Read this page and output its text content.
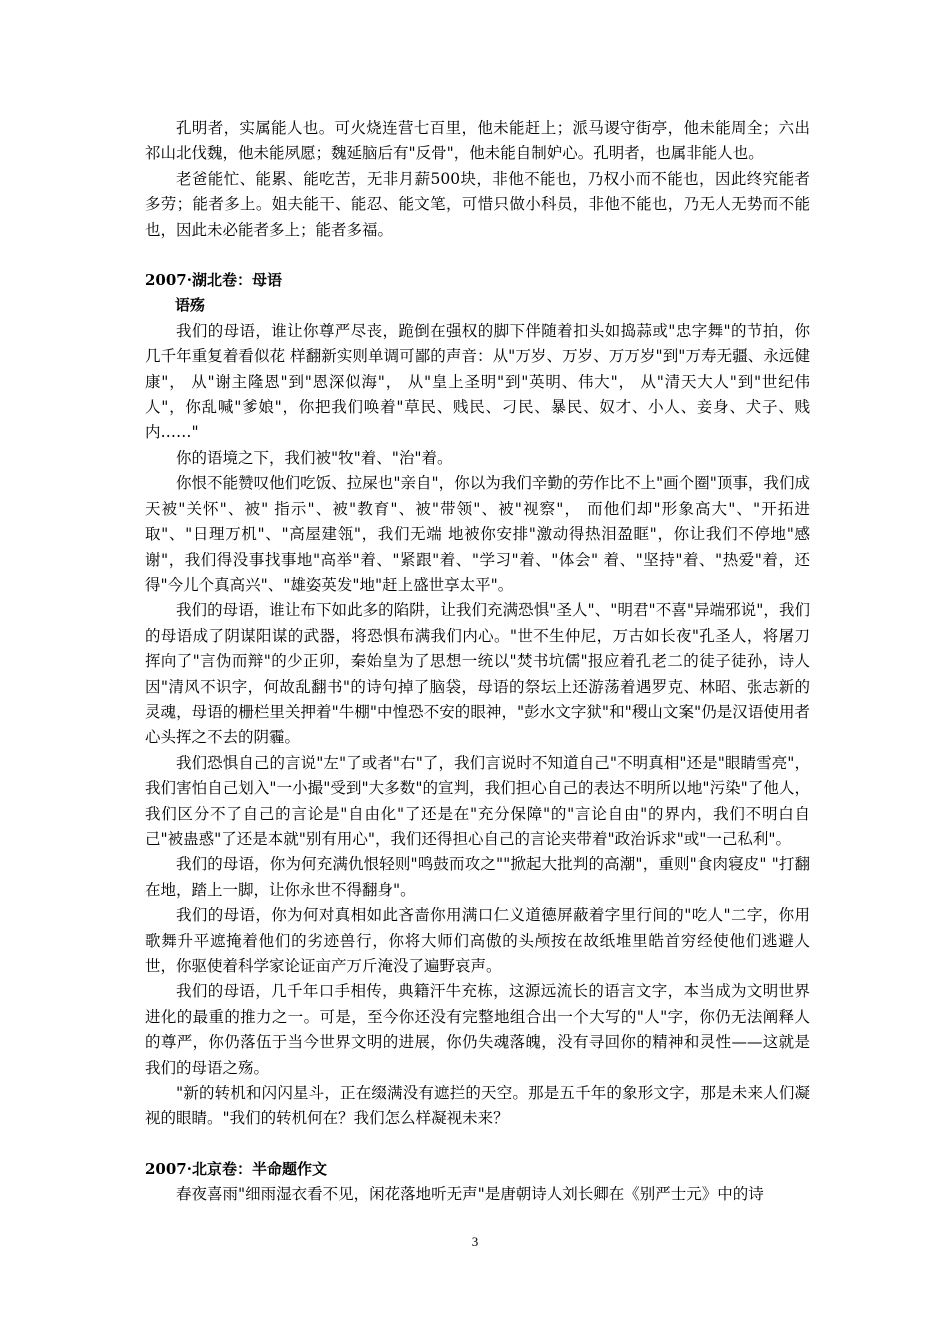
孔明者，实属能人也。可火烧连营七百里，他未能赶上；派马谡守街亭，他未能周全；六出祁山北伐魏，他未能夙愿；魏延脑后有"反骨"，他未能自制妒心。孔明者，也属非能人也。

老爸能忙、能累、能吃苦，无非月薪500块，非他不能也，乃权小而不能也，因此终究能者多劳；能者多上。姐夫能干、能忍、能文笔，可惜只做小科员，非他不能也，乃无人无势而不能也，因此未必能者多上；能者多福。

2007·湖北卷：母语

语殇

我们的母语，谁让你尊严尽丧，跪倒在强权的脚下伴随着扣头如捣蒜或"忠字舞"的节拍，你几千年重复着看似花 样翻新实则单调可鄙的声音：从"万岁、万岁、万万岁"到"万寿无疆、永远健康"， 从"谢主隆恩"到"恩深似海"， 从"皇上圣明"到"英明、伟大"， 从"清天大人"到"世纪伟人"，你乱喊"爹娘"，你把我们唤着"草民、贱民、刁民、暴民、奴才、小人、妾身、犬子、贱内……"

你的语境之下，我们被"牧"着、"治"着。

你恨不能赞叹他们吃饭、拉屎也"亲自"，你以为我们辛勤的劳作比不上"画个圈"顶事，我们成天被"关怀"、被" 指示"、被"教育"、被"带领"、被"视察"， 而他们却"形象高大"、"开拓进取"、"日理万机"、"高屋建瓴"，我们无端 地被你安排"激动得热泪盈眶"，你让我们不停地"感谢"，我们得没事找事地"高举"着、"紧跟"着、"学习"着、"体会" 着、"坚持"着、"热爱"着，还得"今儿个真高兴"、"雄姿英发"地"赶上盛世享太平"。

我们的母语，谁让布下如此多的陷阱，让我们充满恐惧"圣人"、"明君"不喜"异端邪说"，我们的母语成了阴谋阳谋的武器，将恐惧布满我们内心。"世不生仲尼，万古如长夜"孔圣人，将屠刀挥向了"言伪而辩"的少正卯，秦始皇为了思想一统以"焚书坑儒"报应着孔老二的徒子徒孙，诗人因"清风不识字，何故乱翻书"的诗句掉了脑袋，母语的祭坛上还游荡着遇罗克、林昭、张志新的灵魂，母语的栅栏里关押着"牛棚"中惶恐不安的眼神，"彭水文字狱"和"稷山文案"仍是汉语使用者心头挥之不去的阴霾。

我们恐惧自己的言说"左"了或者"右"了，我们言说时不知道自己"不明真相"还是"眼睛雪亮"，我们害怕自己划入"一小撮"受到"大多数"的宣判，我们担心自己的表达不明所以地"污染"了他人，我们区分不了自己的言论是"自由化"了还是在"充分保障"的"言论自由"的界内，我们不明白自己"被蛊惑"了还是本就"别有用心"，我们还得担心自己的言论夹带着"政治诉求"或"一己私利"。

我们的母语，你为何充满仇恨轻则"鸣鼓而攻之""掀起大批判的高潮"，重则"食肉寝皮" "打翻在地，踏上一脚，让你永世不得翻身"。

我们的母语，你为何对真相如此吝啬你用满口仁义道德屏蔽着字里行间的"吃人"二字，你用歌舞升平遮掩着他们的劣迹兽行，你将大师们高傲的头颅按在故纸堆里皓首穷经使他们逃避人世，你驱使着科学家论证亩产万斤淹没了遍野哀声。

我们的母语，几千年口手相传，典籍汗牛充栋，这源远流长的语言文字，本当成为文明世界进化的最重的推力之一。可是，至今你还没有完整地组合出一个大写的"人"字，你仍无法阐释人的尊严，你仍落伍于当今世界文明的进展，你仍失魂落魄，没有寻回你的精神和灵性——这就是我们的母语之殇。

"新的转机和闪闪星斗，正在缀满没有遮拦的天空。那是五千年的象形文字，那是未来人们凝视的眼睛。"我们的转机何在？我们怎么样凝视未来？

2007·北京卷：半命题作文

春夜喜雨"细雨湿衣看不见，闲花落地听无声"是唐朝诗人刘长卿在《别严士元》中的诗

3
